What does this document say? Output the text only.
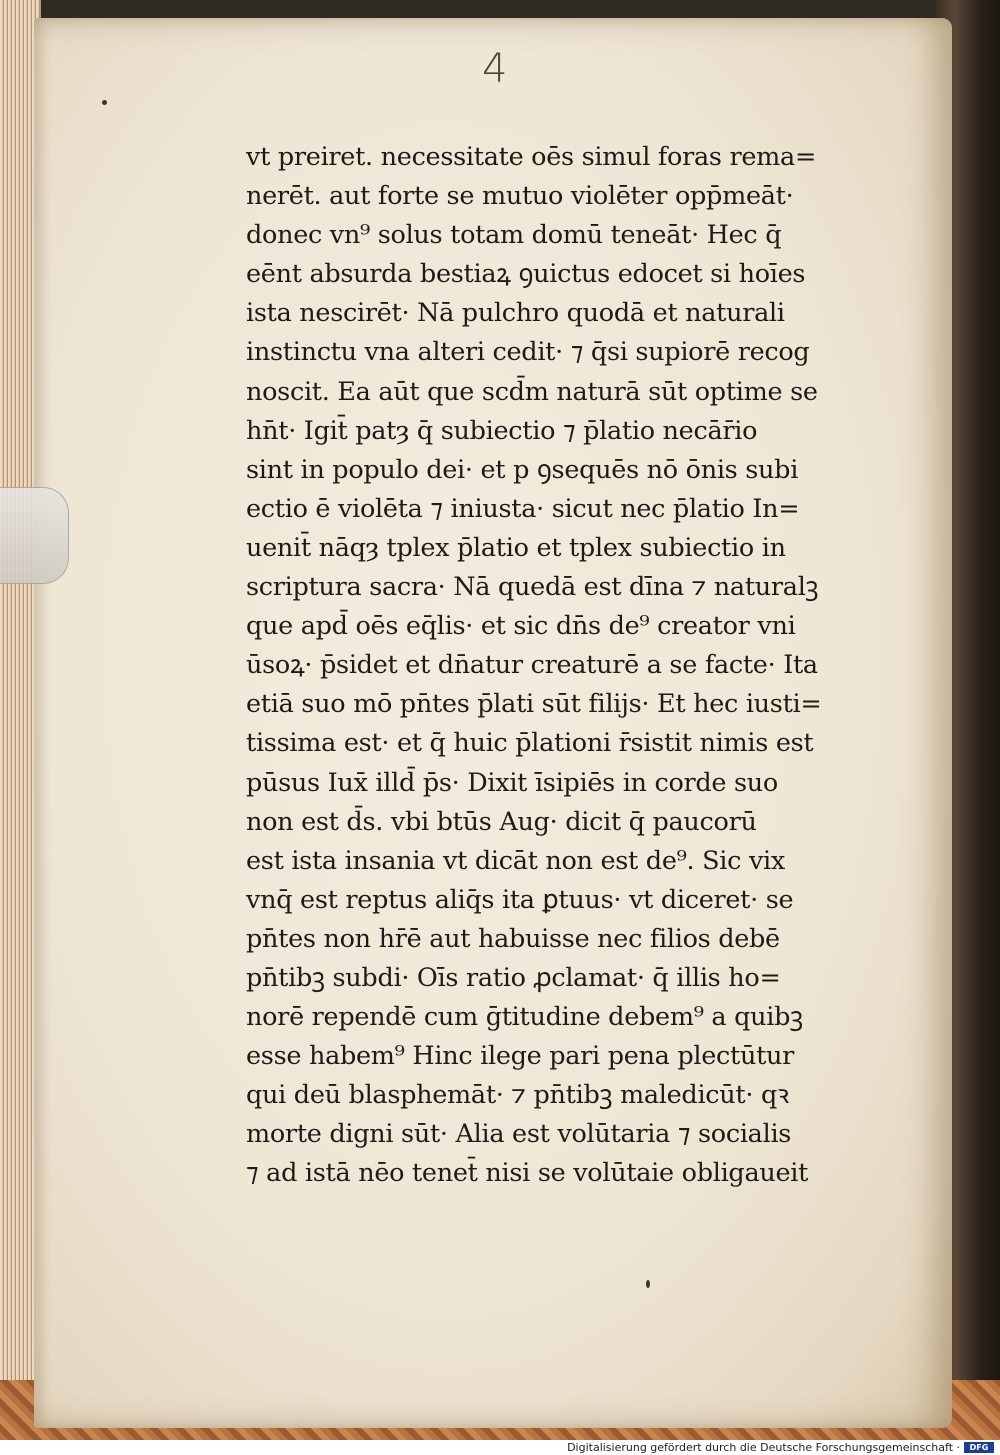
4
vt preiret. necessitate oēs simul foras rema=
nerēt. aut forte se mutuo violēter opp̄meāt·
donec vn⁹ solus totam domū teneāt· Hec q̄
eēnt absurda bestiaꝝ ꝯuictus edocet si hoīes
ista nescirēt· Nā pulchro quodā et naturali
instinctu vna alteri cedit· ⁊ q̄si supiorē recog
noscit. Ea aūt que scd̄m naturā sūt optime se
hn̄t· Igit̄ patȝ q̄ subiectio ⁊ p̄latio necār̄io
sint in populo dei· et p ꝯsequēs nō ōnis subi
ectio ē violēta ⁊ iniusta· sicut nec p̄latio In=
uenit̄ nāqȝ tplex p̄latio et tplex subiectio in
scriptura sacra· Nā quedā est dīna ⁊ naturalꝫ
que apd̄ oēs eq̄lis· et sic dn̄s de⁹ creator vni
ūsoꝝ· p̄sidet et dn̄atur creaturē a se facte· Ita
etiā suo mō pn̄tes p̄lati sūt filijs· Et hec iusti=
tissima est· et q̄ huic p̄lationi r̄sistit nimis est
pūsus Iux̄ illd̄ p̄s· Dixit īsipiēs in corde suo
non est d̄s. vbi btūs Aug· dicit q̄ paucorū
est ista insania vt dicāt non est de⁹. Sic vix
vnq̄ est reptus aliq̄s ita ꝑtuus· vt diceret· se
pn̄tes non hr̄ē aut habuisse nec filios debē
pn̄tibꝫ subdi· Oīs ratio ꝓclamat· q̄ illis ho=
norē rependē cum ḡtitudine debem⁹ a quibꝫ
esse habem⁹ Hinc ilege pari pena plectūtur
qui deū blasphemāt· ⁊ pn̄tibꝫ maledicūt· qꝛ
morte digni sūt· Alia est volūtaria ⁊ socialis
⁊ ad istā nēo tenet̄ nisi se volūtaie obligaueit
Digitalisierung gefördert durch die Deutsche Forschungsgemeinschaft ·	DFG
